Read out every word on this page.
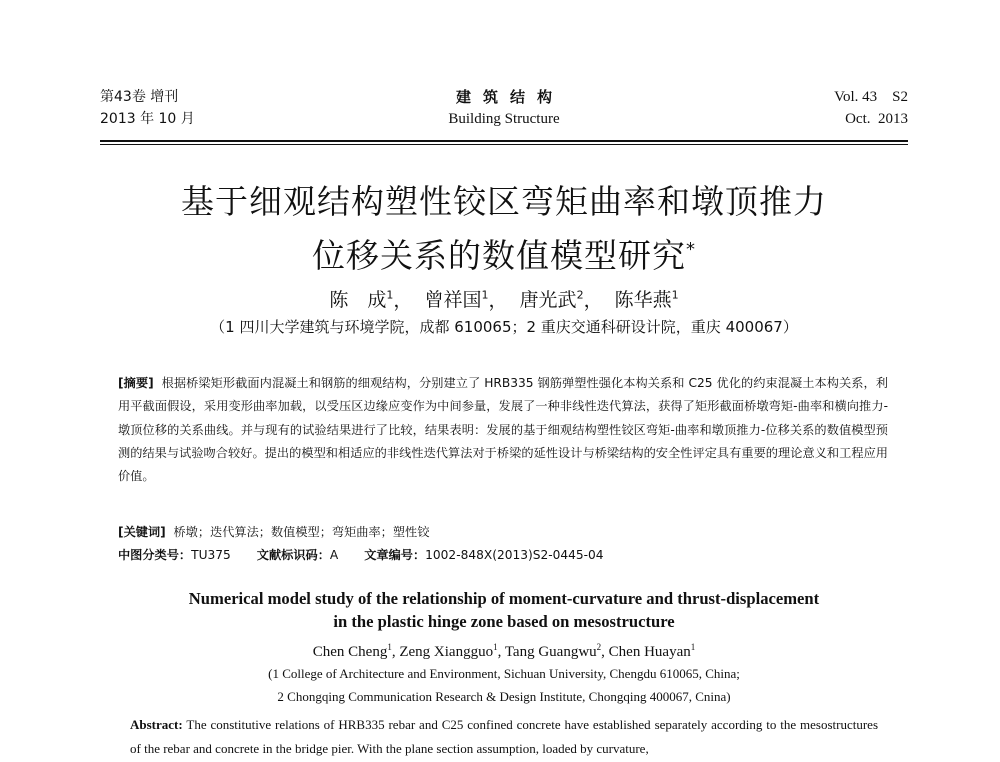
第43卷 增刊
2013 年 10 月
建筑结构
Building Structure
Vol. 43    S2
Oct.  2013
基于细观结构塑性铰区弯矩曲率和墩顶推力
位移关系的数值模型研究*
陈　成$^1$，  曾祥国$^1$，  唐光武$^2$，  陈华燕$^1$
（1 四川大学建筑与环境学院，成都 610065；2 重庆交通科研设计院，重庆 400067）
[摘要] 根据桥梁矩形截面内混凝土和钢筋的细观结构，分别建立了 HRB335 钢筋弹塑性强化本构关系和 C25 优化的约束混凝土本构关系，利用平截面假设，采用变形曲率加载，以受压区边缘应变作为中间参量，发展了一种非线性迭代算法，获得了矩形截面桥墩弯矩-曲率和横向推力-墩顶位移的关系曲线。并与现有的试验结果进行了比较，结果表明：发展的基于细观结构塑性铰区弯矩-曲率和墩顶推力-位移关系的数值模型预测的结果与试验吻合较好。提出的模型和相适应的非线性迭代算法对于桥梁的延性设计与桥梁结构的安全性评定具有重要的理论意义和工程应用价值。
[关键词] 桥墩；迭代算法；数值模型；弯矩曲率；塑性铰
中图分类号：TU375 文献标识码：A 文章编号：1002-848X(2013)S2-0445-04
Numerical model study of the relationship of moment-curvature and thrust-displacement
in the plastic hinge zone based on mesostructure
Chen Cheng$^1$, Zeng Xiangguo$^1$, Tang Guangwu$^2$, Chen Huayan$^1$
(1 College of Architecture and Environment, Sichuan University, Chengdu 610065, China;
2 Chongqing Communication Research & Design Institute, Chongqing 400067, Cnina)
Abstract: The constitutive relations of HRB335 rebar and C25 confined concrete have established separately according to the mesostructures of the rebar and concrete in the bridge pier. With the plane section assumption, loaded by curvature,
